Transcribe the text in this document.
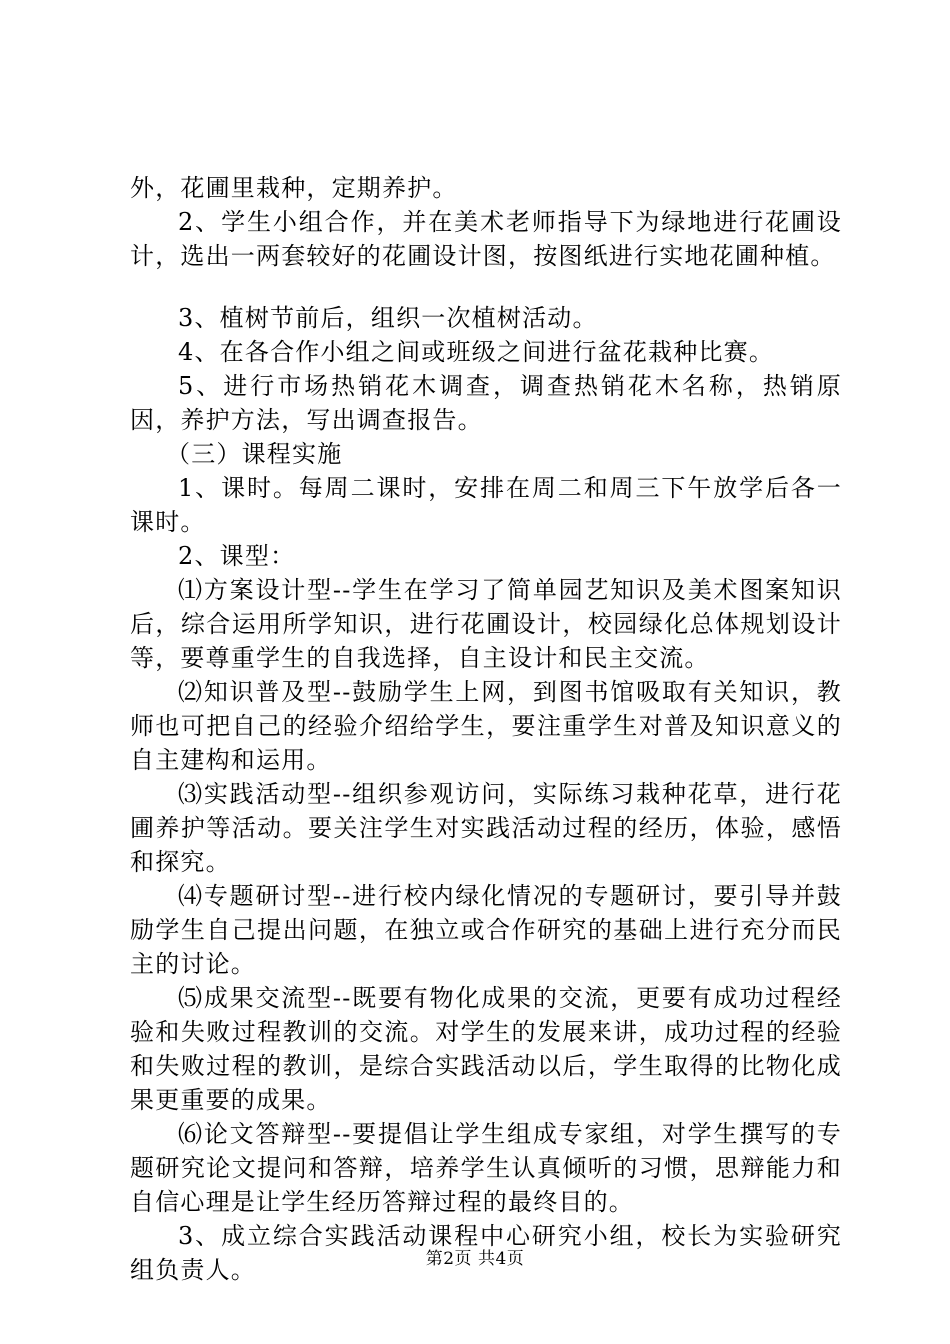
外，花圃里栽种，定期养护。

2、学生小组合作，并在美术老师指导下为绿地进行花圃设计，选出一两套较好的花圃设计图，按图纸进行实地花圃种植。

3、植树节前后，组织一次植树活动。

4、在各合作小组之间或班级之间进行盆花栽种比赛。

5、进行市场热销花木调查，调查热销花木名称，热销原因，养护方法，写出调查报告。

（三）课程实施

1、课时。每周二课时，安排在周二和周三下午放学后各一课时。

2、课型：

⑴方案设计型--学生在学习了简单园艺知识及美术图案知识后，综合运用所学知识，进行花圃设计，校园绿化总体规划设计等，要尊重学生的自我选择，自主设计和民主交流。

⑵知识普及型--鼓励学生上网，到图书馆吸取有关知识，教师也可把自己的经验介绍给学生，要注重学生对普及知识意义的自主建构和运用。

⑶实践活动型--组织参观访问，实际练习栽种花草，进行花圃养护等活动。要关注学生对实践活动过程的经历，体验，感悟和探究。

⑷专题研讨型--进行校内绿化情况的专题研讨，要引导并鼓励学生自己提出问题，在独立或合作研究的基础上进行充分而民主的讨论。

⑸成果交流型--既要有物化成果的交流，更要有成功过程经验和失败过程教训的交流。对学生的发展来讲，成功过程的经验和失败过程的教训，是综合实践活动以后，学生取得的比物化成果更重要的成果。

⑹论文答辩型--要提倡让学生组成专家组，对学生撰写的专题研究论文提问和答辩，培养学生认真倾听的习惯，思辩能力和自信心理是让学生经历答辩过程的最终目的。

3、成立综合实践活动课程中心研究小组，校长为实验研究组负责人。	第2页 共4页
